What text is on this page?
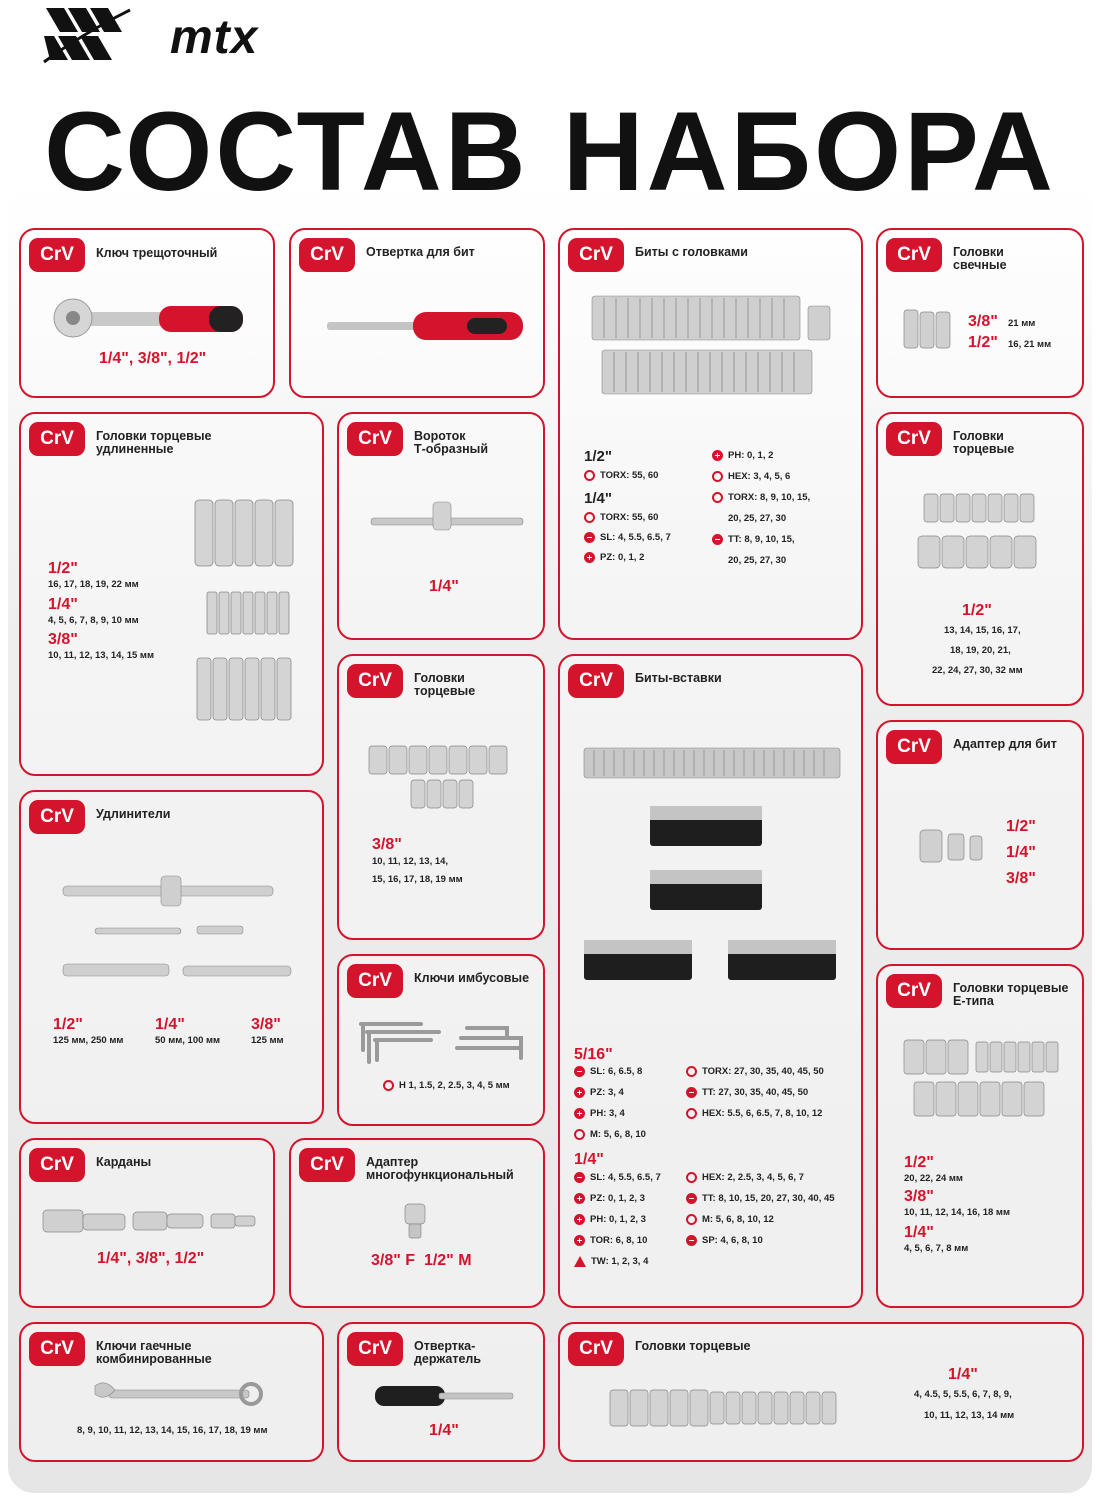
mtx
СОСТАВ НАБОРА
CrV	Ключ трещоточный
1/4", 3/8", 1/2"
CrV	Отвертка для бит	CrV	Биты с головками
1/2"
TORX: 55, 60
1/4"
TORX: 55, 60
SL: 4, 5.5, 6.5, 7
PZ: 0, 1, 2
PH: 0, 1, 2
HEX: 3, 4, 5, 6
TORX: 8, 9, 10, 15,
20, 25, 27, 30
TT: 8, 9, 10, 15,
20, 25, 27, 30
CrV	Головки
свечные
3/8" 21 мм
1/2" 16, 21 мм
CrV	Головки торцевые
удлиненные
1/2"
16, 17, 18, 19, 22 мм
1/4"
4, 5, 6, 7, 8, 9, 10 мм
3/8"
10, 11, 12, 13, 14, 15 мм
CrV	Вороток
Т-образный
1/4"
CrV	Головки
торцевые
1/2"
13, 14, 15, 16, 17,
18, 19, 20, 21,
22, 24, 27, 30, 32 мм
CrV	Головки
торцевые
3/8"
10, 11, 12, 13, 14,
15, 16, 17, 18, 19 мм
CrV	Биты-вставки
5/16"
SL: 6, 6.5, 8
PZ: 3, 4
PH: 3, 4
M: 5, 6, 8, 10
TORX: 27, 30, 35, 40, 45, 50
TT: 27, 30, 35, 40, 45, 50
HEX: 5.5, 6, 6.5, 7, 8, 10, 12
1/4"
SL: 4, 5.5, 6.5, 7
PZ: 0, 1, 2, 3
PH: 0, 1, 2, 3
TOR: 6, 8, 10
TW: 1, 2, 3, 4
HEX: 2, 2.5, 3, 4, 5, 6, 7
TT: 8, 10, 15, 20, 27, 30, 40, 45
M: 5, 6, 8, 10, 12
SP: 4, 6, 8, 10
CrV	Адаптер для бит
1/2"
1/4"
3/8"
CrV	Удлинители
1/2"
125 мм, 250 мм
1/4"
50 мм, 100 мм
3/8"
125 мм
CrV	Ключи имбусовые
H 1, 1.5, 2, 2.5, 3, 4, 5 мм
CrV	Головки торцевые
Е-типа
1/2"
20, 22, 24 мм
3/8"
10, 11, 12, 14, 16, 18 мм
1/4"
4, 5, 6, 7, 8 мм
CrV	Карданы
1/4", 3/8", 1/2"
CrV	Адаптер
многофункциональный
3/8" F  1/2" M
CrV	Ключи гаечные
комбинированные
8, 9, 10, 11, 12, 13, 14, 15, 16, 17, 18, 19 мм
CrV	Отвертка-
держатель
1/4"
CrV	Головки торцевые
1/4"
4, 4.5, 5, 5.5, 6, 7, 8, 9,
10, 11, 12, 13, 14 мм
